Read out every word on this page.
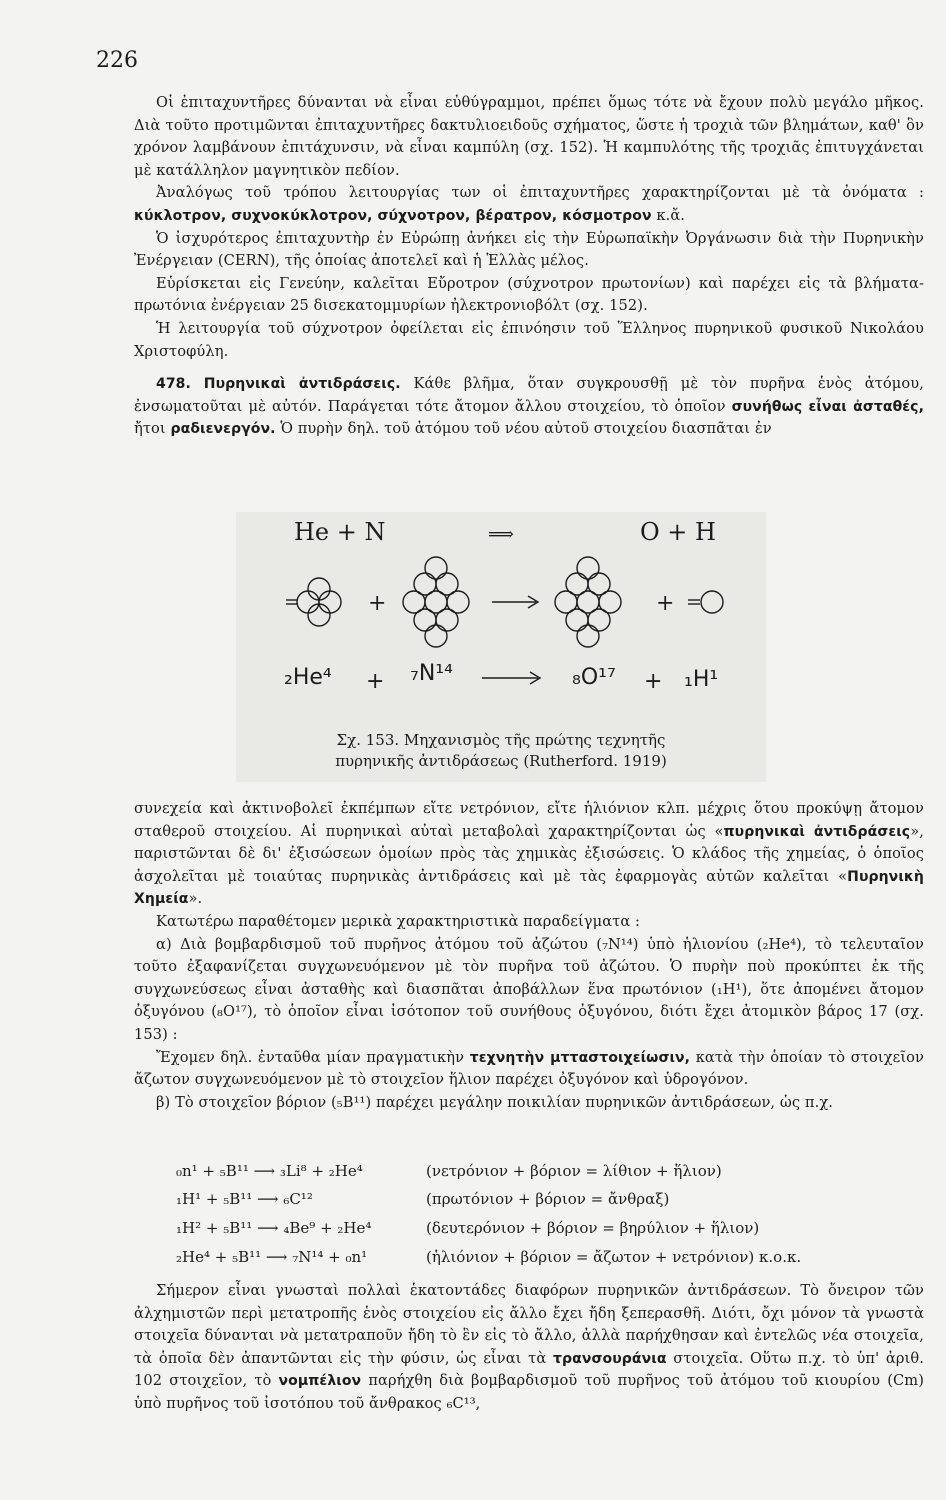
226

Οἱ ἐπιταχυντῆρες δύνανται νὰ εἶναι εὐθύγραμμοι, πρέπει ὅμως τότε νὰ ἔχουν πολὺ μεγάλο μῆκος. Διὰ τοῦτο προτιμῶνται ἐπιταχυντῆρες δακτυλιοειδοῦς σχήματος, ὥστε ἡ τροχιὰ τῶν βλημάτων, καθ' ὃν χρόνον λαμβάνουν ἐπιτάχυνσιν, νὰ εἶναι καμπύλη (σχ. 152). Ἡ καμπυλότης τῆς τροχιᾶς ἐπιτυγχάνεται μὲ κατάλληλον μαγνητικὸν πεδίον.

Ἀναλόγως τοῦ τρόπου λειτουργίας των οἱ ἐπιταχυντῆρες χαρακτηρίζονται μὲ τὰ ὀνόματα : κύκλοτρον, συχνοκύκλοτρον, σύχνοτρον, βέρατρον, κόσμοτρον κ.ἄ.

Ὁ ἰσχυρότερος ἐπιταχυντὴρ ἐν Εὐρώπῃ ἀνήκει εἰς τὴν Εὐρωπαϊκὴν Ὀργάνωσιν διὰ τὴν Πυρηνικὴν Ἐνέργειαν (CERN), τῆς ὁποίας ἀποτελεῖ καὶ ἡ Ἑλλὰς μέλος.

Εὑρίσκεται εἰς Γενεύην, καλεῖται Εὔροτρον (σύχνοτρον πρωτονίων) καὶ παρέχει εἰς τὰ βλήματα-πρωτόνια ἐνέργειαν 25 δισεκατομμυρίων ἠλεκτρονιοβόλτ (σχ. 152).

Ἡ λειτουργία τοῦ σύχνοτρον ὀφείλεται εἰς ἐπινόησιν τοῦ Ἕλληνος πυρηνικοῦ φυσικοῦ Νικολάου Χριστοφύλη.

478. Πυρηνικαὶ ἀντιδράσεις. Κάθε βλῆμα, ὅταν συγκρουσθῇ μὲ τὸν πυρῆνα ἑνὸς ἀτόμου, ἐνσωματοῦται μὲ αὐτόν. Παράγεται τότε ἄτομον ἄλλου στοιχείου, τὸ ὁποῖον συνήθως εἶναι ἀσταθές, ἤτοι ραδιενεργόν. Ὁ πυρὴν δηλ. τοῦ ἀτόμου τοῦ νέου αὐτοῦ στοιχείου διασπᾶται ἐν

He + N	⟹	O + H
+	+
₂He⁴ + ₇N¹⁴	₈O¹⁷ + ₁H¹
Σχ. 153. Μηχανισμὸς τῆς πρώτης τεχνητῆς
πυρηνικῆς ἀντιδράσεως (Rutherford. 1919)

συνεχεία καὶ ἀκτινοβολεῖ ἐκπέμπων εἴτε νετρόνιον, εἴτε ἡλιόνιον κλπ. μέχρις ὅτου προκύψῃ ἄτομον σταθεροῦ στοιχείου. Αἱ πυρηνικαὶ αὐταὶ μεταβολαὶ χαρακτηρίζονται ὡς «πυρηνικαὶ ἀντιδράσεις», παριστῶνται δὲ δι' ἐξισώσεων ὁμοίων πρὸς τὰς χημικὰς ἐξισώσεις. Ὁ κλάδος τῆς χημείας, ὁ ὁποῖος ἀσχολεῖται μὲ τοιαύτας πυρηνικὰς ἀντιδράσεις καὶ μὲ τὰς ἐφαρμογὰς αὐτῶν καλεῖται «Πυρηνικὴ Χημεία».

Κατωτέρω παραθέτομεν μερικὰ χαρακτηριστικὰ παραδείγματα :

α) Διὰ βομβαρδισμοῦ τοῦ πυρῆνος ἀτόμου τοῦ ἀζώτου (₇N¹⁴) ὑπὸ ἡλιονίου (₂He⁴), τὸ τελευταῖον τοῦτο ἐξαφανίζεται συγχωνευόμενον μὲ τὸν πυρῆνα τοῦ ἀζώτου. Ὁ πυρὴν ποὺ προκύπτει ἐκ τῆς συγχωνεύσεως εἶναι ἀσταθὴς καὶ διασπᾶται ἀποβάλλων ἕνα πρωτόνιον (₁H¹), ὅτε ἀπομένει ἄτομον ὀξυγόνου (₈O¹⁷), τὸ ὁποῖον εἶναι ἰσότοπον τοῦ συνήθους ὀξυγόνου, διότι ἔχει ἀτομικὸν βάρος 17 (σχ. 153) :

Ἔχομεν δηλ. ἐνταῦθα μίαν πραγματικὴν τεχνητὴν μτταστοιχείωσιν, κατὰ τὴν ὁποίαν τὸ στοιχεῖον ἄζωτον συγχωνευόμενον μὲ τὸ στοιχεῖον ἥλιον παρέχει ὀξυγόνον καὶ ὑδρογόνον.

β) Τὸ στοιχεῖον βόριον (₅B¹¹) παρέχει μεγάλην ποικιλίαν πυρηνικῶν ἀντιδράσεων, ὡς π.χ.

₀n¹ + ₅B¹¹ ⟶ ₃Li⁸ + ₂He⁴	(νετρόνιον + βόριον = λίθιον + ἥλιον)
₁H¹ + ₅B¹¹ ⟶ ₆C¹²	(πρωτόνιον + βόριον = ἄνθραξ)
₁H² + ₅B¹¹ ⟶ ₄Be⁹ + ₂He⁴	(δευτερόνιον + βόριον = βηρύλιον + ἥλιον)
₂He⁴ + ₅B¹¹ ⟶ ₇N¹⁴ + ₀n¹	(ἡλιόνιον + βόριον = ἄζωτον + νετρόνιον) κ.ο.κ.

Σήμερον εἶναι γνωσταὶ πολλαὶ ἑκατοντάδες διαφόρων πυρηνικῶν ἀντιδράσεων. Τὸ ὄνειρον τῶν ἀλχημιστῶν περὶ μετατροπῆς ἑνὸς στοιχείου εἰς ἄλλο ἔχει ἤδη ξεπερασθῆ. Διότι, ὄχι μόνον τὰ γνωστὰ στοιχεῖα δύνανται νὰ μετατραποῦν ἤδη τὸ ἓν εἰς τὸ ἄλλο, ἀλλὰ παρήχθησαν καὶ ἐντελῶς νέα στοιχεῖα, τὰ ὁποῖα δὲν ἀπαντῶνται εἰς τὴν φύσιν, ὡς εἶναι τὰ τρανσουράνια στοιχεῖα. Οὕτω π.χ. τὸ ὑπ' ἀριθ. 102 στοιχεῖον, τὸ νομπέλιον παρήχθη διὰ βομβαρδισμοῦ τοῦ πυρῆνος τοῦ ἀτόμου τοῦ κιουρίου (Cm) ὑπὸ πυρῆνος τοῦ ἰσοτόπου τοῦ ἄνθρακος ₆C¹³,
